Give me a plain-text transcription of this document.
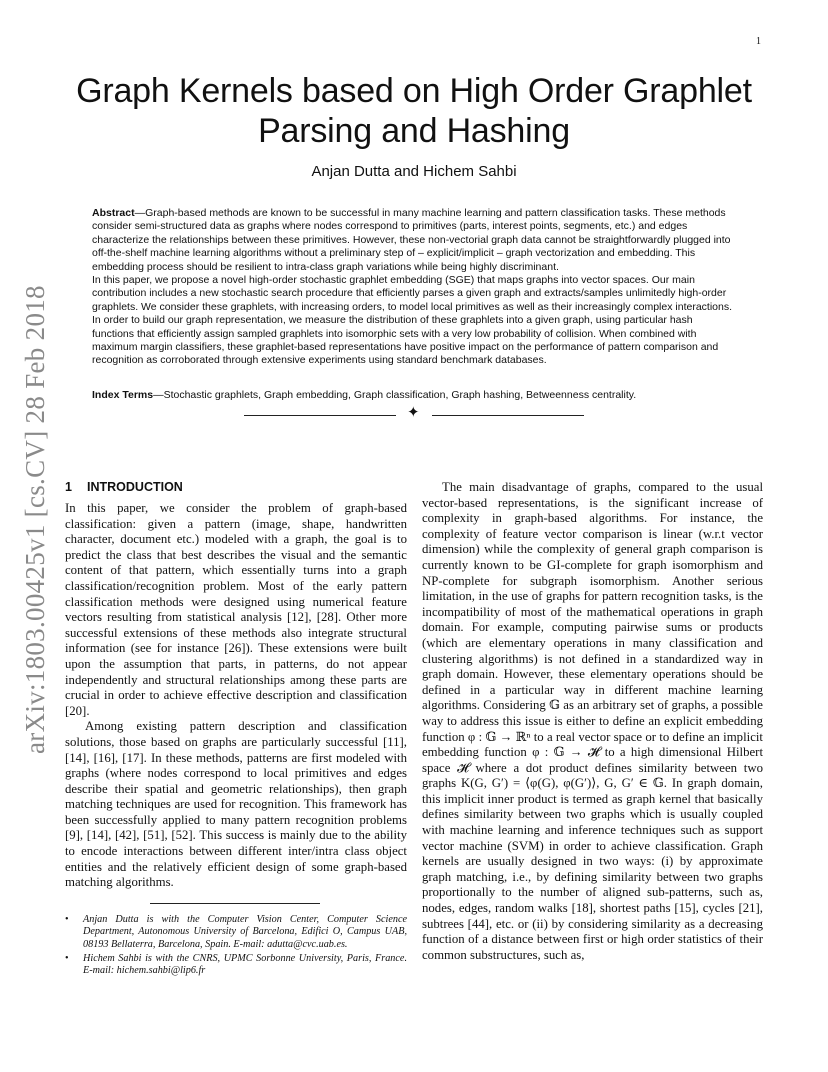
1
Graph Kernels based on High Order Graphlet Parsing and Hashing
Anjan Dutta and Hichem Sahbi

Abstract—Graph-based methods are known to be successful in many machine learning and pattern classification tasks. These methods consider semi-structured data as graphs where nodes correspond to primitives (parts, interest points, segments, etc.) and edges characterize the relationships between these primitives. However, these non-vectorial graph data cannot be straightforwardly plugged into off-the-shelf machine learning algorithms without a preliminary step of – explicit/implicit – graph vectorization and embedding. This embedding process should be resilient to intra-class graph variations while being highly discriminant.

In this paper, we propose a novel high-order stochastic graphlet embedding (SGE) that maps graphs into vector spaces. Our main contribution includes a new stochastic search procedure that efficiently parses a given graph and extracts/samples unlimitedly high-order graphlets. We consider these graphlets, with increasing orders, to model local primitives as well as their increasingly complex interactions. In order to build our graph representation, we measure the distribution of these graphlets into a given graph, using particular hash functions that efficiently assign sampled graphlets into isomorphic sets with a very low probability of collision. When combined with maximum margin classifiers, these graphlet-based representations have positive impact on the performance of pattern comparison and recognition as corroborated through extensive experiments using standard benchmark databases.

Index Terms—Stochastic graphlets, Graph embedding, Graph classification, Graph hashing, Betweenness centrality.
✦
arXiv:1803.00425v1 [cs.CV] 28 Feb 2018 1 INTRODUCTION

In this paper, we consider the problem of graph-based classification: given a pattern (image, shape, handwritten character, document etc.) modeled with a graph, the goal is to predict the class that best describes the visual and the semantic content of that pattern, which essentially turns into a graph classification/recognition problem. Most of the early pattern classification methods were designed using numerical feature vectors resulting from statistical analysis [12], [28]. Other more successful extensions of these methods also integrate structural information (see for instance [26]). These extensions were built upon the assumption that parts, in patterns, do not appear independently and structural relationships among these parts are crucial in order to achieve effective description and classification [20].

Among existing pattern description and classification solutions, those based on graphs are particularly successful [11], [14], [16], [17]. In these methods, patterns are first modeled with graphs (where nodes correspond to local primitives and edges describe their spatial and geometric relationships), then graph matching techniques are used for recognition. This framework has been successfully applied to many pattern recognition problems [9], [14], [42], [51], [52]. This success is mainly due to the ability to encode interactions between different inter/intra class object entities and the relatively efficient design of some graph-based matching algorithms.

• Anjan Dutta is with the Computer Vision Center, Computer Science Department, Autonomous University of Barcelona, Edifici O, Campus UAB, 08193 Bellaterra, Barcelona, Spain. E-mail: adutta@cvc.uab.es.
• Hichem Sahbi is with the CNRS, UPMC Sorbonne University, Paris, France. E-mail: hichem.sahbi@lip6.fr

The main disadvantage of graphs, compared to the usual vector-based representations, is the significant increase of complexity in graph-based algorithms. For instance, the complexity of feature vector comparison is linear (w.r.t vector dimension) while the complexity of general graph comparison is currently known to be GI-complete for graph isomorphism and NP-complete for subgraph isomorphism. Another serious limitation, in the use of graphs for pattern recognition tasks, is the incompatibility of most of the mathematical operations in graph domain. For example, computing pairwise sums or products (which are elementary operations in many classification and clustering algorithms) is not defined in a standardized way in graph domain. However, these elementary operations should be defined in a particular way in different machine learning algorithms. Considering 𝔾 as an arbitrary set of graphs, a possible way to address this issue is either to define an explicit embedding function φ : 𝔾 → ℝⁿ to a real vector space or to define an implicit embedding function φ : 𝔾 → 𝓗 to a high dimensional Hilbert space 𝓗 where a dot product defines similarity between two graphs K(G, G′) = ⟨φ(G), φ(G′)⟩, G, G′ ∈ 𝔾. In graph domain, this implicit inner product is termed as graph kernel that basically defines similarity between two graphs which is usually coupled with machine learning and inference techniques such as support vector machine (SVM) in order to achieve classification. Graph kernels are usually designed in two ways: (i) by approximate graph matching, i.e., by defining similarity between two graphs proportionally to the number of aligned sub-patterns, such as, nodes, edges, random walks [18], shortest paths [15], cycles [21], subtrees [44], etc. or (ii) by considering similarity as a decreasing function of a distance between first or high order statistics of their common substructures, such as,
